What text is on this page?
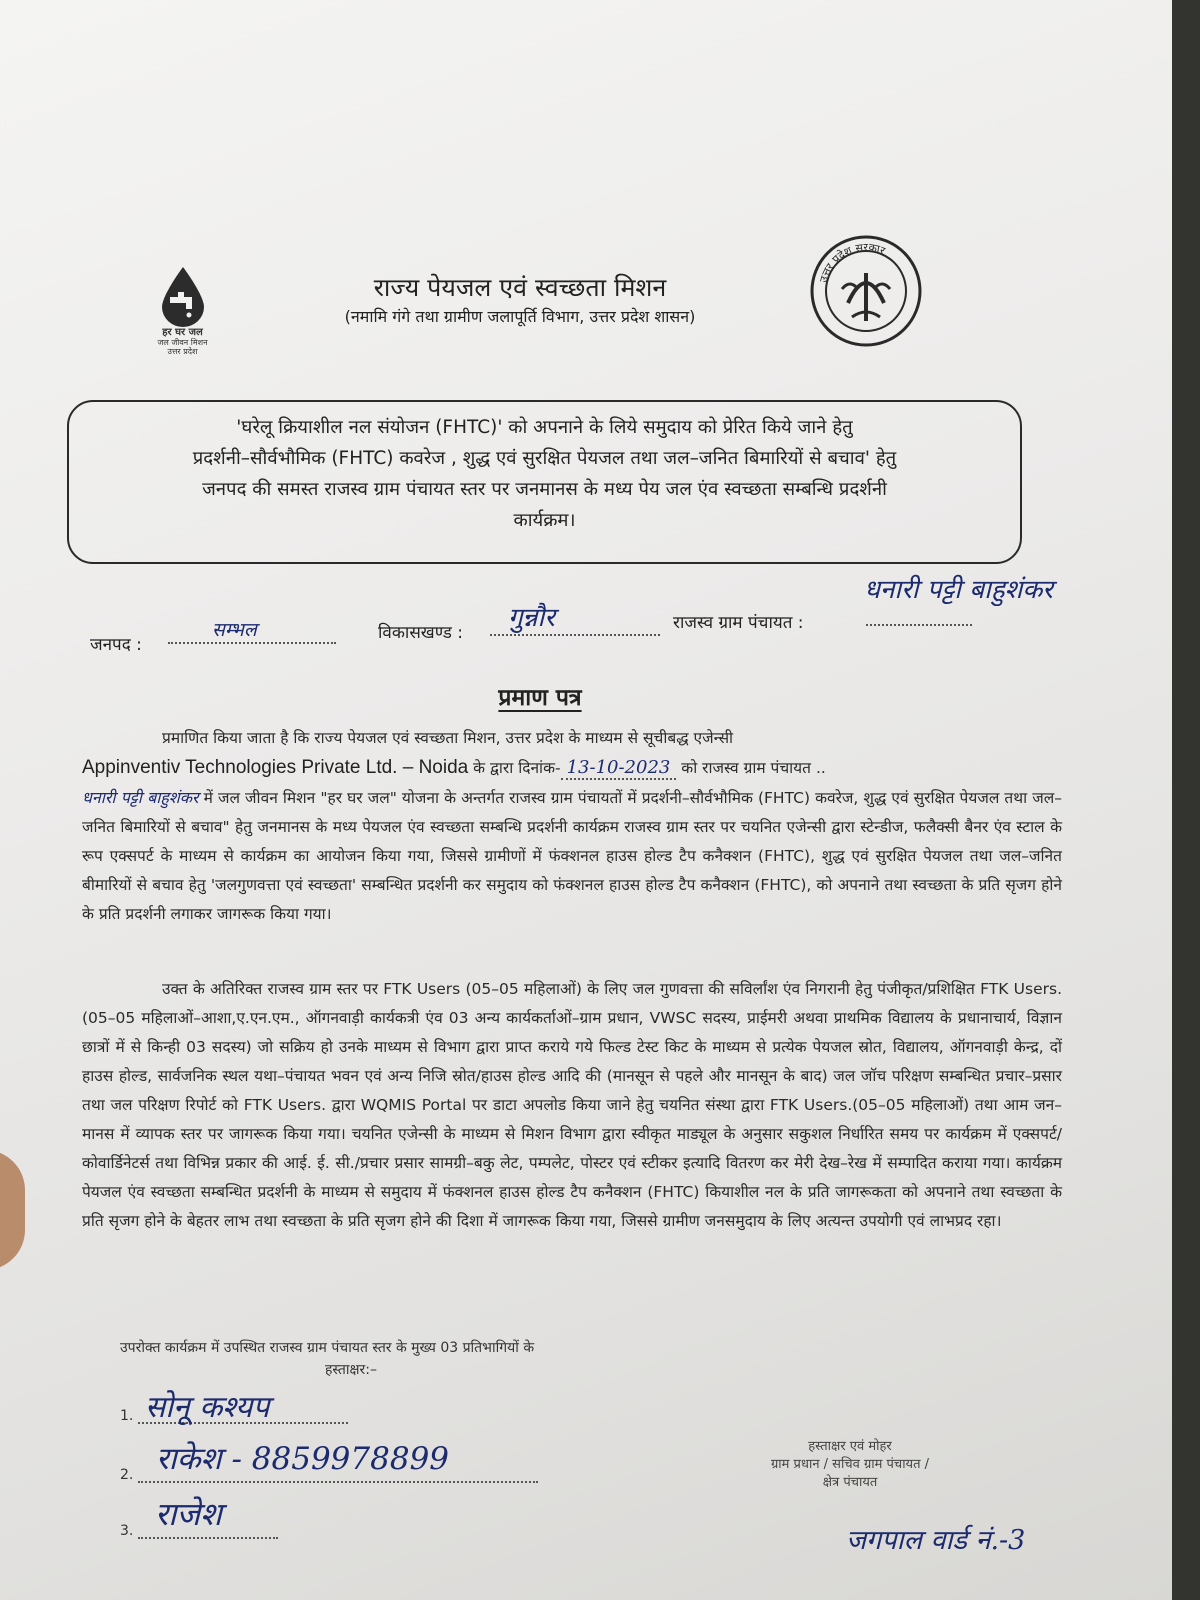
हर घर जल
जल जीवन मिशन
उत्तर प्रदेश
राज्य पेयजल एवं स्वच्छता मिशन
(नमामि गंगे तथा ग्रामीण जलापूर्ति विभाग, उत्तर प्रदेश शासन)
उत्तर प्रदेश सरकार
'घरेलू क्रियाशील नल संयोजन (FHTC)' को अपनाने के लिये समुदाय को प्रेरित किये जाने हेतु
प्रदर्शनी–सौर्वभौमिक (FHTC) कवरेज , शुद्ध एवं सुरक्षित पेयजल तथा जल–जनित बिमारियों से बचाव' हेतु
जनपद की समस्त राजस्व ग्राम पंचायत स्तर पर जनमानस के मध्य पेय जल एंव स्वच्छता सम्बन्धि प्रदर्शनी
कार्यक्रम।
जनपद :
सम्भल	विकासखण्ड : गुन्नौर	राजस्व ग्राम पंचायत :
धनारी पट्टी बाहुशंकर
प्रमाण पत्र

प्रमाणित किया जाता है कि राज्य पेयजल एवं स्वच्छता मिशन, उत्तर प्रदेश के माध्यम से सूचीबद्ध एजेन्सी
Appinventiv Technologies Private Ltd. – Noida के द्वारा दिनांक- 13-10-2023 को राजस्व ग्राम पंचायत ..
धनारी पट्टी बाहुशंकर में जल जीवन मिशन "हर घर जल" योजना के अन्तर्गत राजस्व ग्राम पंचायतों में प्रदर्शनी–सौर्वभौमिक (FHTC) कवरेज, शुद्ध एवं सुरक्षित पेयजल तथा जल–जनित बिमारियों से बचाव" हेतु जनमानस के मध्य पेयजल एंव स्वच्छता सम्बन्धि प्रदर्शनी कार्यक्रम राजस्व ग्राम स्तर पर चयनित एजेन्सी द्वारा स्टेन्डीज, फलैक्सी बैनर एंव स्टाल के रूप एक्सपर्ट के माध्यम से कार्यक्रम का आयोजन किया गया, जिससे ग्रामीणों में फंक्शनल हाउस होल्ड टैप कनैक्शन (FHTC), शुद्ध एवं सुरक्षित पेयजल तथा जल–जनित बीमारियों से बचाव हेतु 'जलगुणवत्ता एवं स्वच्छता' सम्बन्धित प्रदर्शनी कर समुदाय को फंक्शनल हाउस होल्ड टैप कनैक्शन (FHTC), को अपनाने तथा स्वच्छता के प्रति सृजग होने के प्रति प्रदर्शनी लगाकर जागरूक किया गया।

उक्त के अतिरिक्त राजस्व ग्राम स्तर पर FTK Users (05–05 महिलाओं) के लिए जल गुणवत्ता की सविर्लांश एंव निगरानी हेतु पंजीकृत/प्रशिक्षित FTK Users.(05–05 महिलाओं–आशा,ए.एन.एम., ऑगनवाड़ी कार्यकत्री एंव 03 अन्य कार्यकर्ताओं–ग्राम प्रधान, VWSC सदस्य, प्राईमरी अथवा प्राथमिक विद्यालय के प्रधानाचार्य, विज्ञान छात्रों में से किन्ही 03 सदस्य) जो सक्रिय हो उनके माध्यम से विभाग द्वारा प्राप्त कराये गये फिल्ड टेस्ट किट के माध्यम से प्रत्येक पेयजल स्रोत, विद्यालय, ऑगनवाड़ी केन्द्र, दों हाउस होल्ड, सार्वजनिक स्थल यथा–पंचायत भवन एवं अन्य निजि स्रोत/हाउस होल्ड आदि की (मानसून से पहले और मानसून के बाद) जल जॉच परिक्षण सम्बन्धित प्रचार–प्रसार तथा जल परिक्षण रिपोर्ट को FTK Users. द्वारा WQMIS Portal पर डाटा अपलोड किया जाने हेतु चयनित संस्था द्वारा FTK Users.(05–05 महिलाओं) तथा आम जन–मानस में व्यापक स्तर पर जागरूक किया गया। चयनित एजेन्सी के माध्यम से मिशन विभाग द्वारा स्वीकृत माड्यूल के अनुसार सकुशल निर्धारित समय पर कार्यक्रम में एक्सपर्ट/कोवार्डिनेटर्स तथा विभिन्न प्रकार की आई. ई. सी./प्रचार प्रसार सामग्री–बकु लेट, पम्पलेट, पोस्टर एवं स्टीकर इत्यादि वितरण कर मेरी देख–रेख में सम्पादित कराया गया। कार्यक्रम पेयजल एंव स्वच्छता सम्बन्धित प्रदर्शनी के माध्यम से समुदाय में फंक्शनल हाउस होल्ड टैप कनैक्शन (FHTC) कियाशील नल के प्रति जागरूकता को अपनाने तथा स्वच्छता के प्रति सृजग होने के बेहतर लाभ तथा स्वच्छता के प्रति सृजग होने की दिशा में जागरूक किया गया, जिससे ग्रामीण जनसमुदाय के लिए अत्यन्त उपयोगी एवं लाभप्रद रहा।

उपरोक्त कार्यक्रम में उपस्थित राजस्व ग्राम पंचायत स्तर के मुख्य 03 प्रतिभागियों के
हस्ताक्षर:–
1. सोनू कश्यप
2. राकेश - 8859978899
3. राजेश
हस्ताक्षर एवं मोहर
ग्राम प्रधान / सचिव ग्राम पंचायत /
क्षेत्र पंचायत
जगपाल वार्ड नं.-3
